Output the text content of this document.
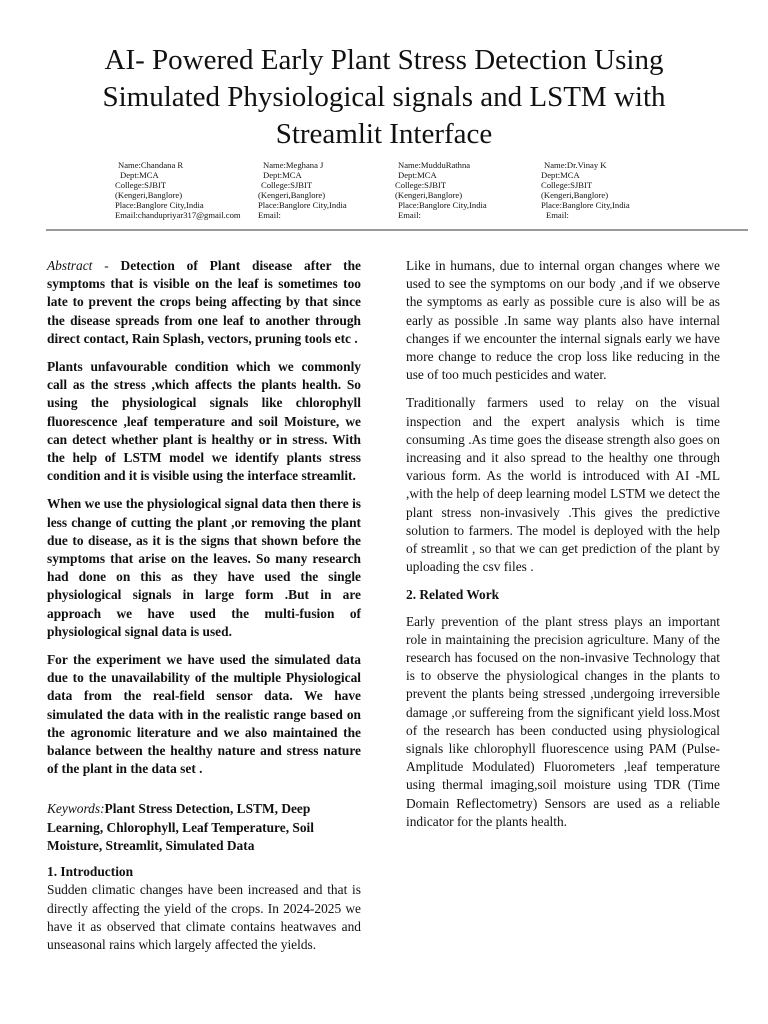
AI- Powered Early Plant Stress Detection Using
Simulated Physiological signals and LSTM with
Streamlit Interface
Name:Chandana R
Dept:MCA
College:SJBIT
(Kengeri,Banglore)
Place:Banglore City,India
Email:chandupriyar317@gmail.com
Name:Meghana J
Dept:MCA
College:SJBIT
(Kengeri,Banglore)
Place:Banglore City,India
Email:
Name:MudduRathna
Dept:MCA
College:SJBIT
(Kengeri,Banglore)
Place:Banglore City,India
Email:
Name:Dr.Vinay K
Dept:MCA
College:SJBIT
(Kengeri,Banglore)
Place:Banglore City,India
Email:

Abstract - Detection of Plant disease after the symptoms that is visible on the leaf is sometimes too late to prevent the crops being affecting by that since the disease spreads from one leaf to another through direct contact, Rain Splash, vectors, pruning tools etc .

Plants unfavourable condition which we commonly call as the stress ,which affects the plants health. So using the physiological signals like chlorophyll fluorescence ,leaf temperature and soil Moisture, we can detect whether plant is healthy or in stress. With the help of LSTM model we identify plants stress condition and it is visible using the interface streamlit.

When we use the physiological signal data then there is less change of cutting the plant ,or removing the plant due to disease, as it is the signs that shown before the symptoms that arise on the leaves. So many research had done on this as they have used the single physiological signals in large form .But in are approach we have used the multi-fusion of physiological signal data is used.

For the experiment we have used the simulated data due to the unavailability of the multiple Physiological data from the real-field sensor data. We have simulated the data with in the realistic range based on the agronomic literature and we also maintained the balance between the healthy nature and stress nature of the plant in the data set .

Keywords:Plant Stress Detection, LSTM, Deep Learning, Chlorophyll, Leaf Temperature, Soil Moisture, Streamlit, Simulated Data

1. Introduction

Sudden climatic changes have been increased and that is directly affecting the yield of the crops. In 2024-2025 we have it as observed that climate contains heatwaves and unseasonal rains which largely affected the yields.

Like in humans, due to internal organ changes where we used to see the symptoms on our body ,and if we observe the symptoms as early as possible cure is also will be as early as possible .In same way plants also have internal changes if we encounter the internal signals early we have more change to reduce the crop loss like reducing in the use of too much pesticides and water.

Traditionally farmers used to relay on the visual inspection and the expert analysis which is time consuming .As time goes the disease strength also goes on increasing and it also spread to the healthy one through various form. As the world is introduced with AI -ML ,with the help of deep learning model LSTM we detect the plant stress non-invasively .This gives the predictive solution to farmers. The model is deployed with the help of streamlit , so that we can get prediction of the plant by uploading the csv files .

2. Related Work

Early prevention of the plant stress plays an important role in maintaining the precision agriculture. Many of the research has focused on the non-invasive Technology that is to observe the physiological changes in the plants to prevent the plants being stressed ,undergoing irreversible damage ,or suffereing from the significant yield loss.Most of the research has been conducted using physiological signals like chlorophyll fluorescence using PAM (Pulse-Amplitude Modulated) Fluorometers ,leaf temperature using thermal imaging,soil moisture using TDR (Time Domain Reflectometry) Sensors are used as a reliable indicator for the plants health.
